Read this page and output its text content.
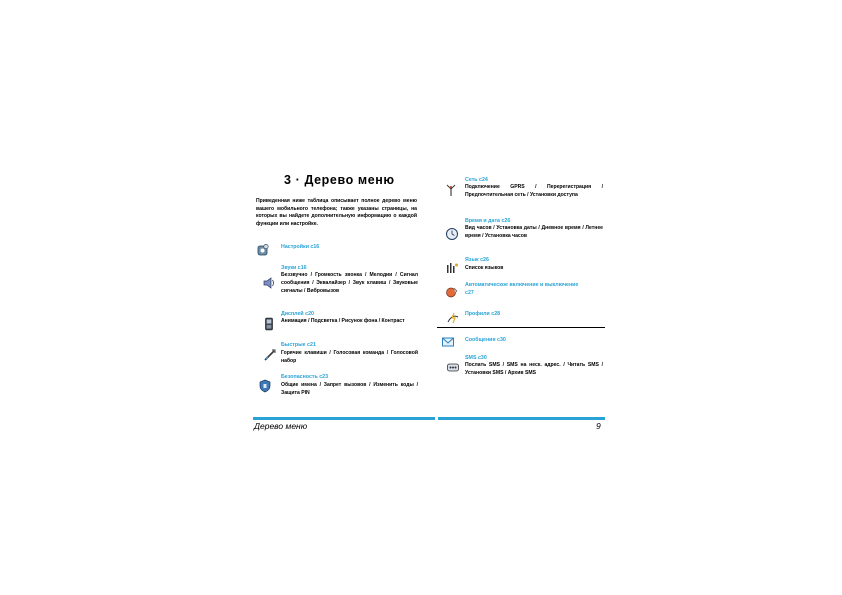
3 · Дерево меню
Приведенная ниже таблица описывает полное дерево меню вашего мобильного телефона; также указаны страницы, на которых вы найдете дополнительную информацию о каждой функции или настройке.
Настройки с16
Звуки с16
Беззвучно / Громкость звонка / Мелодии / Сигнал сообщения / Эквалайзер / Звук клавиш / Звуковые сигналы / Вибровызов
Дисплей с20
Анимация / Подсветка / Рисунок фона / Контраст
Быстрые с21
Горячие клавиши / Голосовая команда / Голосовой набор
Безопасность с23
Общие имена / Запрет вызовов / Изменить коды / Защита PIN
Сеть с24
Подключение GPRS / Перерегистрация / Предпочтительная сеть / Установки доступа
Время и дата с26
Вид часов / Установка даты / Дневное время / Летнее время / Установка часов
Язык с26
Список языков
Автоматическое включение и выключение с27
Профили с28
Сообщения с30
SMS с30
Послать SMS / SMS на неск. адрес. / Читать SMS / Установки SMS / Архив SMS
Дерево меню	9
